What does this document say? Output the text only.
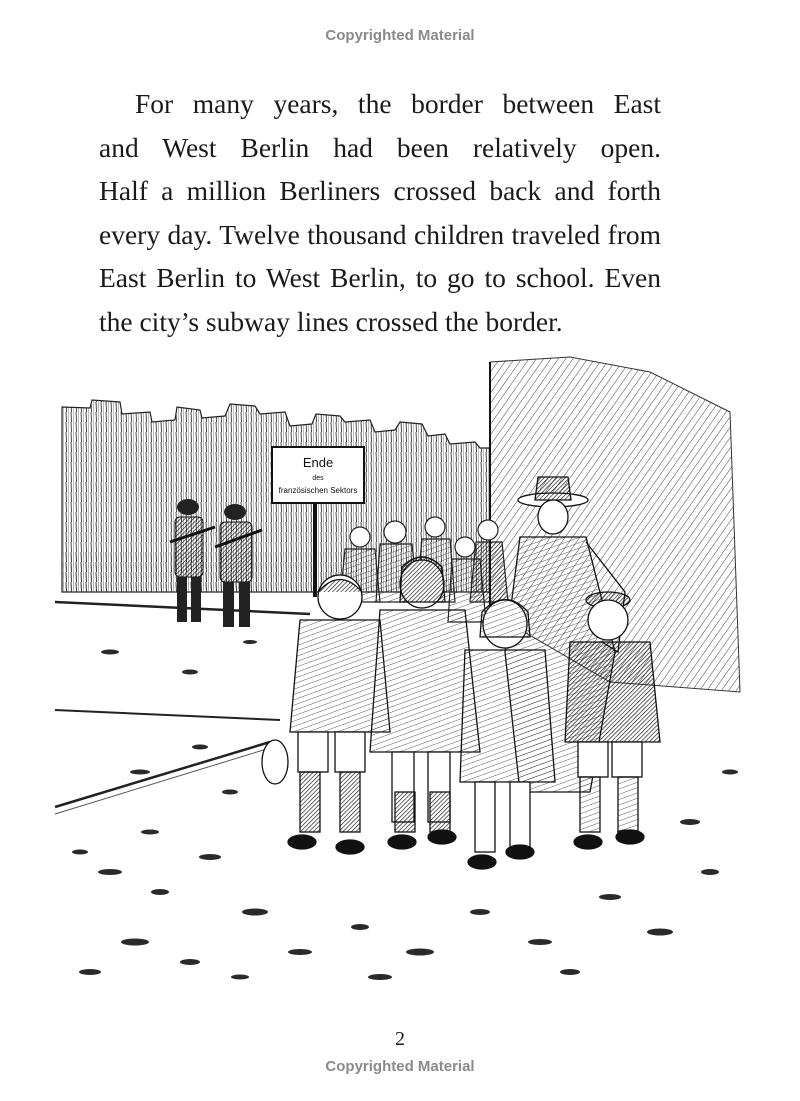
Copyrighted Material

For many years, the border between East
and West Berlin had been relatively open.
Half a million Berliners crossed back and forth
every day. Twelve thousand children traveled from
East Berlin to West Berlin, to go to school. Even
the city’s subway lines crossed the border.

Ende
des
französischen Sektors
2
Copyrighted Material
